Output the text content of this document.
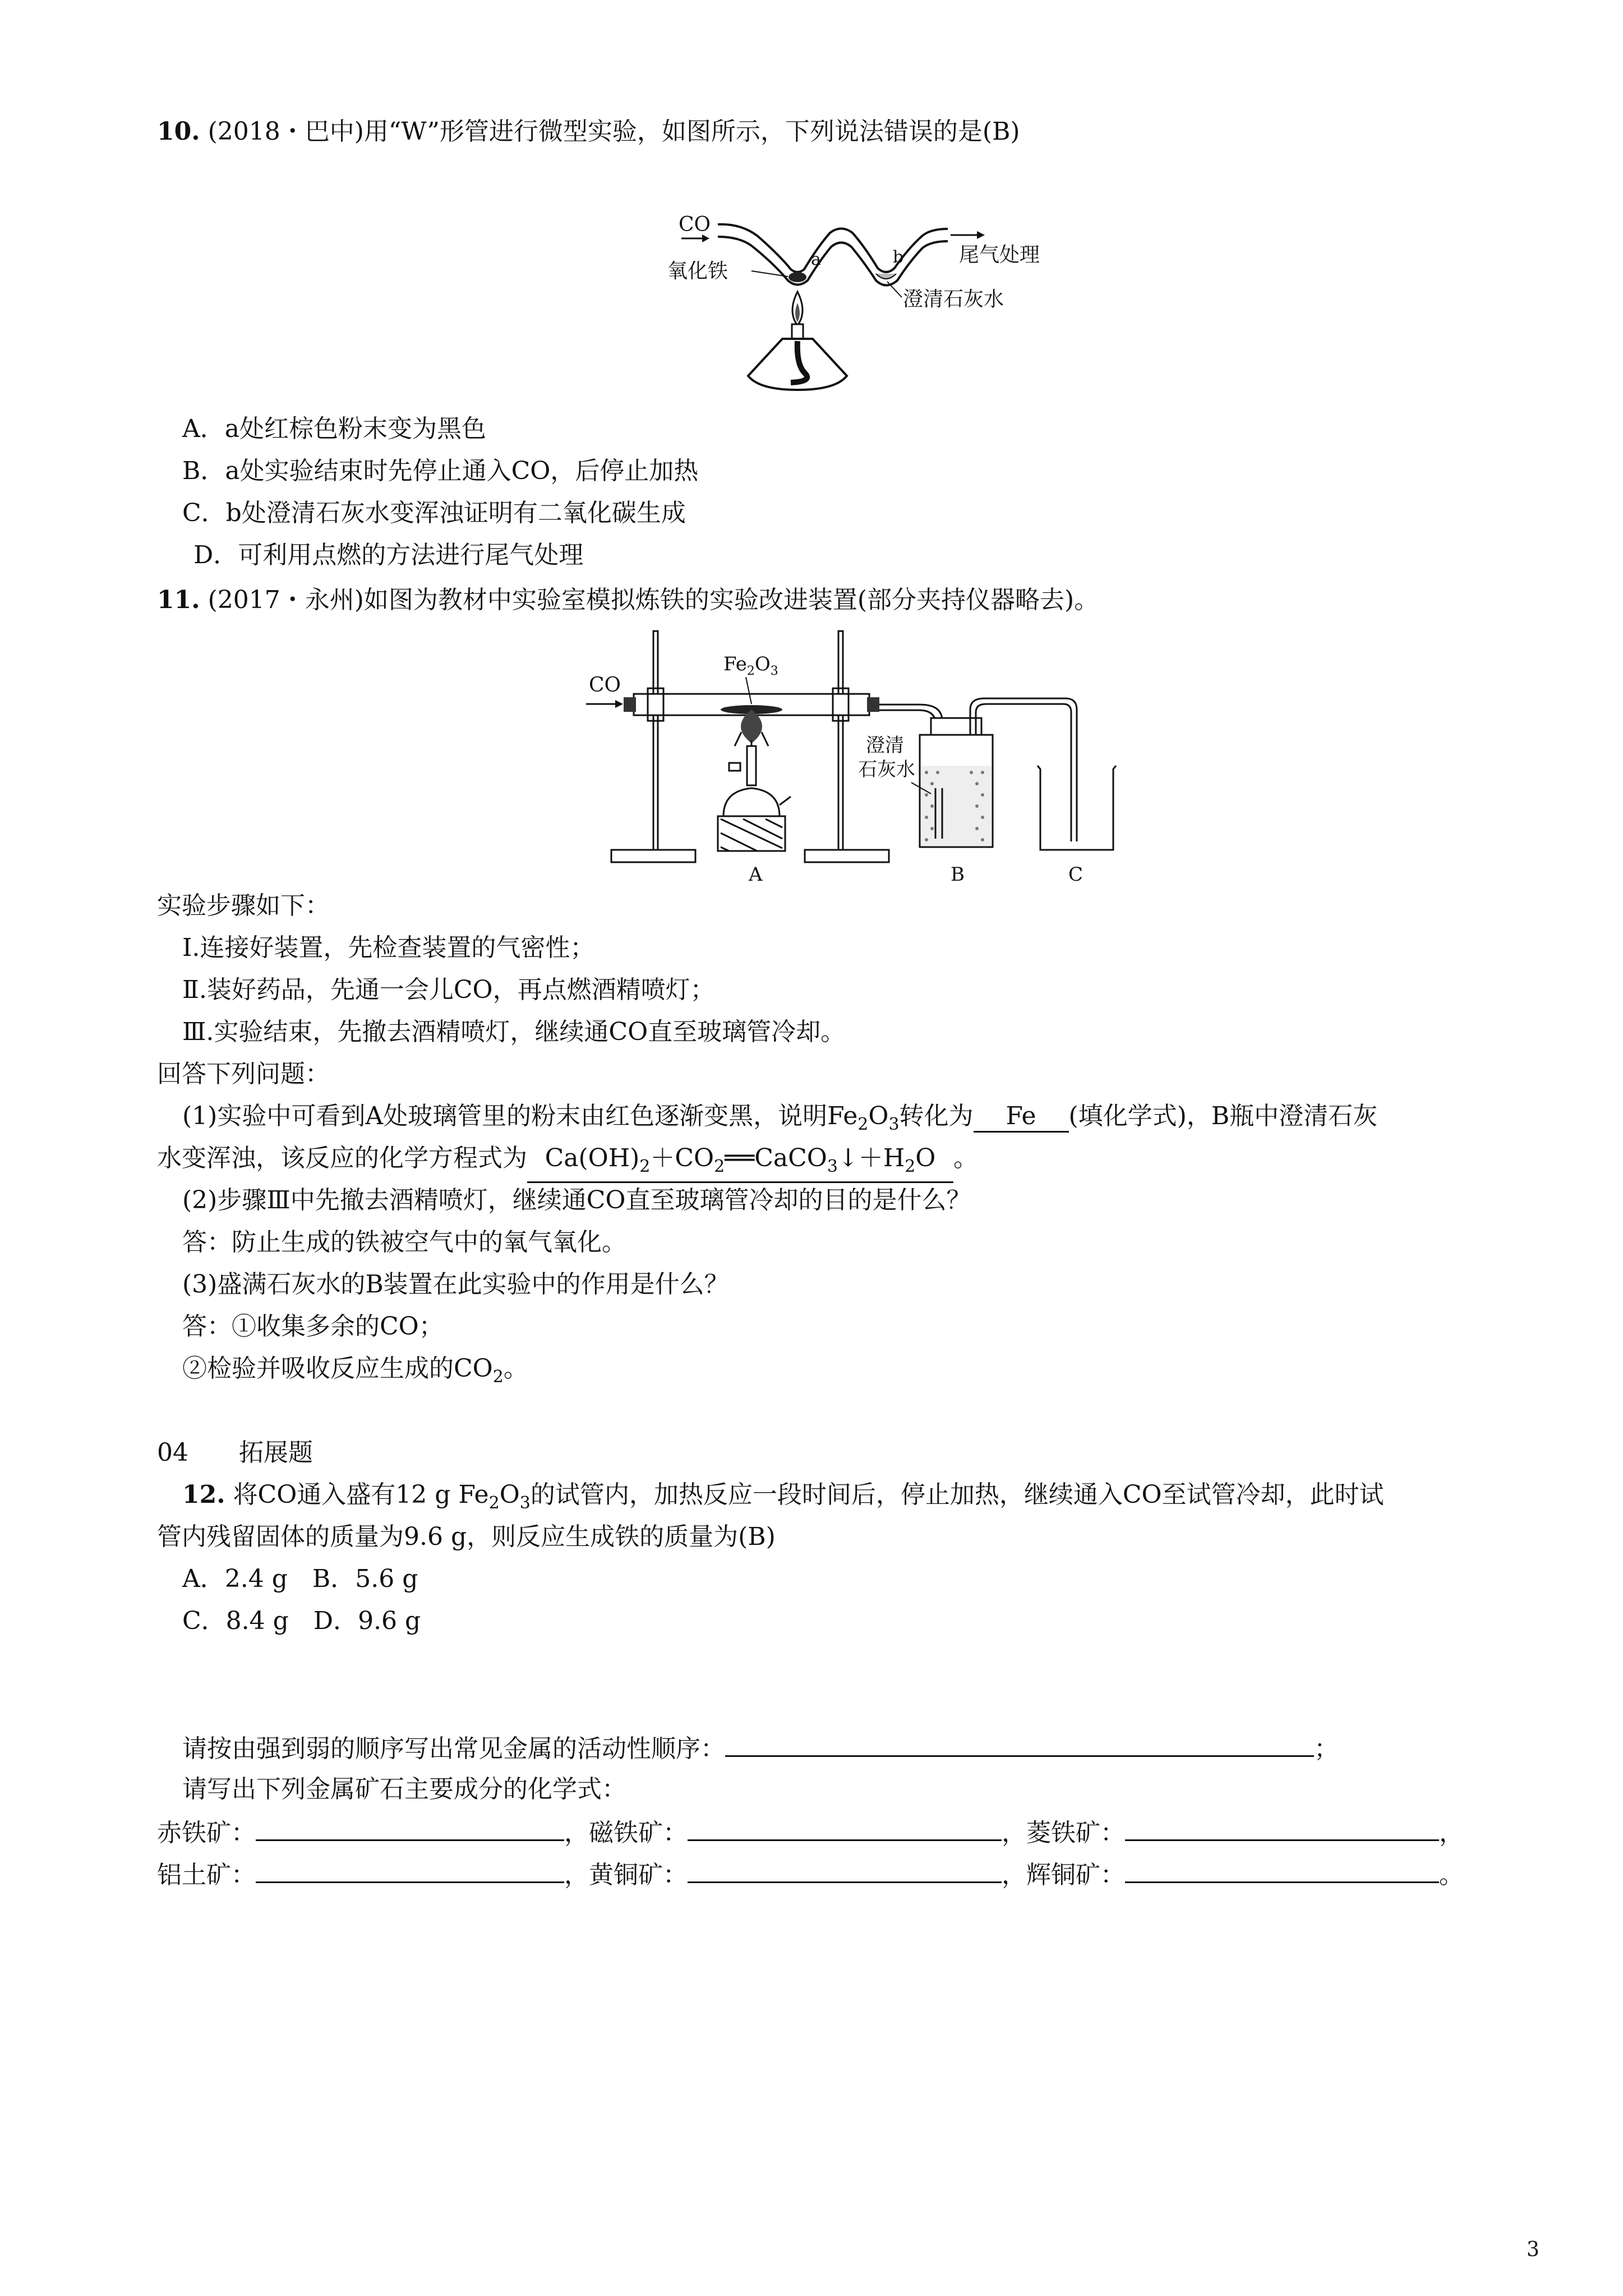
10. (2018・巴中)用“W”形管进行微型实验，如图所示，下列说法错误的是(B)
CO
a	b	尾气处理
氧化铁
澄清石灰水
A．a处红棕色粉末变为黑色
B．a处实验结束时先停止通入CO，后停止加热
C．b处澄清石灰水变浑浊证明有二氧化碳生成
D．可利用点燃的方法进行尾气处理
11. (2017・永州)如图为教材中实验室模拟炼铁的实验改进装置(部分夹持仪器略去)。
CO
$Fe_2O_3$
A
澄清
石灰水
B	C
实验步骤如下：
Ⅰ.连接好装置，先检查装置的气密性；
Ⅱ.装好药品，先通一会儿CO，再点燃酒精喷灯；
Ⅲ.实验结束，先撤去酒精喷灯，继续通CO直至玻璃管冷却。
回答下列问题：
(1)实验中可看到A处玻璃管里的粉末由红色逐渐变黑，说明$Fe_2O_3$转化为 Fe (填化学式)，B瓶中澄清石灰
水变浑浊，该反应的化学方程式为 $Ca(OH)_2+CO_2══CaCO_3↓+H_2O$ 。
(2)步骤Ⅲ中先撤去酒精喷灯，继续通CO直至玻璃管冷却的目的是什么？
答：防止生成的铁被空气中的氧气氧化。
(3)盛满石灰水的B装置在此实验中的作用是什么？
答：①收集多余的CO；
②检验并吸收反应生成的$CO_2$。
04 拓展题
12. 将CO通入盛有12 g $Fe_2O_3$的试管内，加热反应一段时间后，停止加热，继续通入CO至试管冷却，此时试
管内残留固体的质量为9.6 g，则反应生成铁的质量为(B)
A．2.4 g　B．5.6 g
C．8.4 g　D．9.6 g
请按由强到弱的顺序写出常见金属的活动性顺序：	；
请写出下列金属矿石主要成分的化学式：
赤铁矿：	，磁铁矿：	，菱铁矿：	，
铝土矿：	，黄铜矿：	，辉铜矿：	。
3
